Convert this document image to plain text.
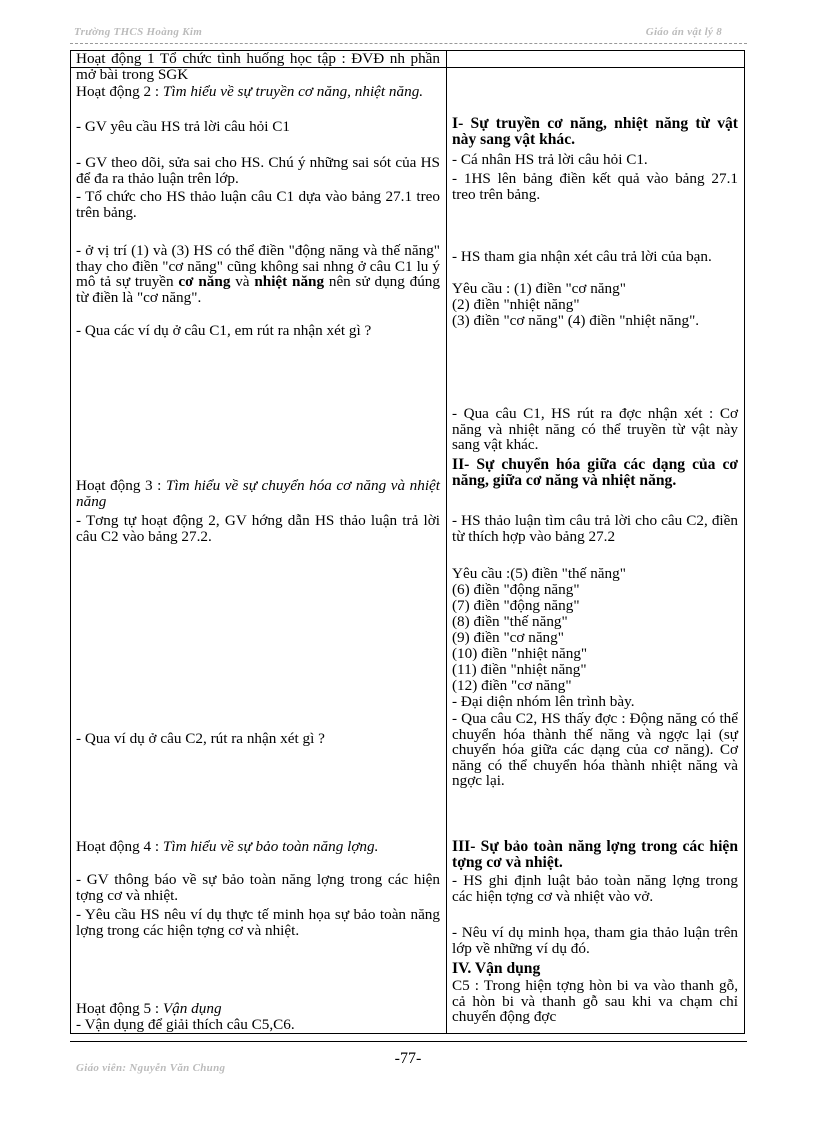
Trường THCS Hoàng Kim	Giáo án vật lý 8
Hoạt động 1 Tổ chức tình huống học tập : ĐVĐ nh phần mở bài trong SGK
Hoạt động 2 : Tìm hiểu về sự truyền cơ năng, nhiệt năng.
- GV yêu cầu HS trả lời câu hỏi C1
- GV theo dõi, sửa sai cho HS. Chú ý những sai sót của HS để đa ra thảo luận trên lớp.
- Tổ chức cho HS thảo luận câu C1 dựa vào bảng 27.1 treo trên bảng.
- ở vị trí (1) và (3) HS có thể điền "động năng và thế năng" thay cho điền "cơ năng" cũng không sai nhng ở câu C1 lu ý mô tả sự truyền cơ năng và nhiệt năng nên sử dụng đúng từ điền là "cơ năng".
- Qua các ví dụ ở câu C1, em rút ra nhận xét gì ?
Hoạt động 3 : Tìm hiểu về sự chuyển hóa cơ năng và nhiệt năng
- Tơng tự hoạt động 2, GV hớng dẫn HS thảo luận trả lời câu C2 vào bảng 27.2.
- Qua ví dụ ở câu C2, rút ra nhận xét gì ?
Hoạt động 4 : Tìm hiểu về sự bảo toàn năng lợng.
- GV thông báo về sự bảo toàn năng lợng trong các hiện tợng cơ và nhiệt.
- Yêu cầu HS nêu ví dụ thực tế minh họa sự bảo toàn năng lợng trong các hiện tợng cơ và nhiệt.
Hoạt động 5 : Vận dụng
- Vận dụng để giải thích câu C5,C6.
I- Sự truyền cơ năng, nhiệt năng từ vật này sang vật khác.
- Cá nhân HS trả lời câu hỏi C1.
- 1HS lên bảng điền kết quả vào bảng 27.1 treo trên bảng.
- HS tham gia nhận xét câu trả lời của bạn.
Yêu cầu : (1) điền "cơ năng"
(2) điền "nhiệt năng"
(3) điền "cơ năng" (4) điền "nhiệt năng".
- Qua câu C1, HS rút ra đợc nhận xét : Cơ năng và nhiệt năng có thể truyền từ vật này sang vật khác.
II- Sự chuyển hóa giữa các dạng của cơ năng, giữa cơ năng và nhiệt năng.
- HS thảo luận tìm câu trả lời cho câu C2, điền từ thích hợp vào bảng 27.2
Yêu cầu :(5) điền "thế năng"
(6) điền "động năng"
(7) điền "động năng"
(8) điền "thế năng"
(9) điền "cơ năng"
(10) điền "nhiệt năng"
(11) điền "nhiệt năng"
(12) điền "cơ năng"
- Đại diện nhóm lên trình bày.
- Qua câu C2, HS thấy đợc : Động năng có thể chuyển hóa thành thế năng và ngợc lại (sự chuyển hóa giữa các dạng của cơ năng). Cơ năng có thể chuyển hóa thành nhiệt năng và ngợc lại.
III- Sự bảo toàn năng lợng trong các hiện tợng cơ và nhiệt.
- HS ghi định luật bảo toàn năng lợng trong các hiện tợng cơ và nhiệt vào vở.
- Nêu ví dụ minh họa, tham gia thảo luận trên lớp về những ví dụ đó.
IV. Vận dụng
C5 : Trong hiện tợng hòn bi va vào thanh gỗ, cả hòn bi và thanh gỗ sau khi va chạm chỉ chuyển động đợc
-77-
Giáo viên: Nguyễn Văn Chung
